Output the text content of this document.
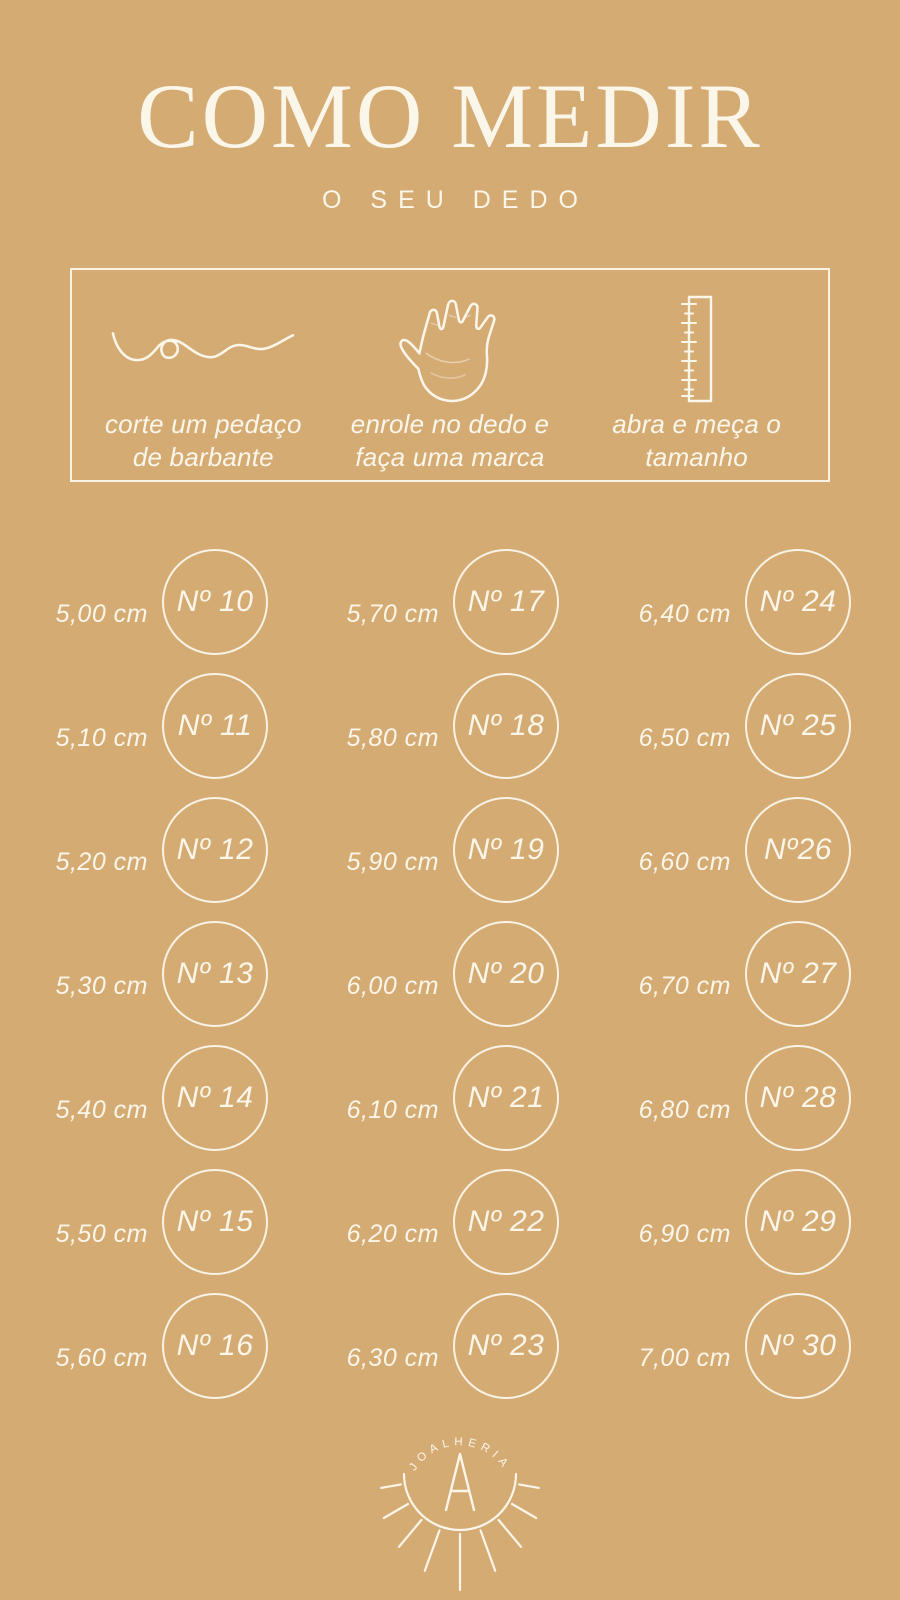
COMO MEDIR
O SEU DEDO
corte um pedaço
de barbante
enrole no dedo e
faça uma marca
abra e meça o
tamanho
5,00 cm Nº 10	5,70 cm Nº 17	6,40 cm Nº 24
5,10 cm Nº 11	5,80 cm Nº 18	6,50 cm Nº 25
5,20 cm Nº 12	5,90 cm Nº 19	6,60 cm	Nº26
5,30 cm Nº 13	6,00 cm Nº 20	6,70 cm Nº 27
5,40 cm Nº 14	6,10 cm Nº 21	6,80 cm Nº 28
5,50 cm Nº 15	6,20 cm Nº 22	6,90 cm Nº 29
5,60 cm Nº 16	6,30 cm Nº 23	7,00 cm Nº 30
JOALHERIA
